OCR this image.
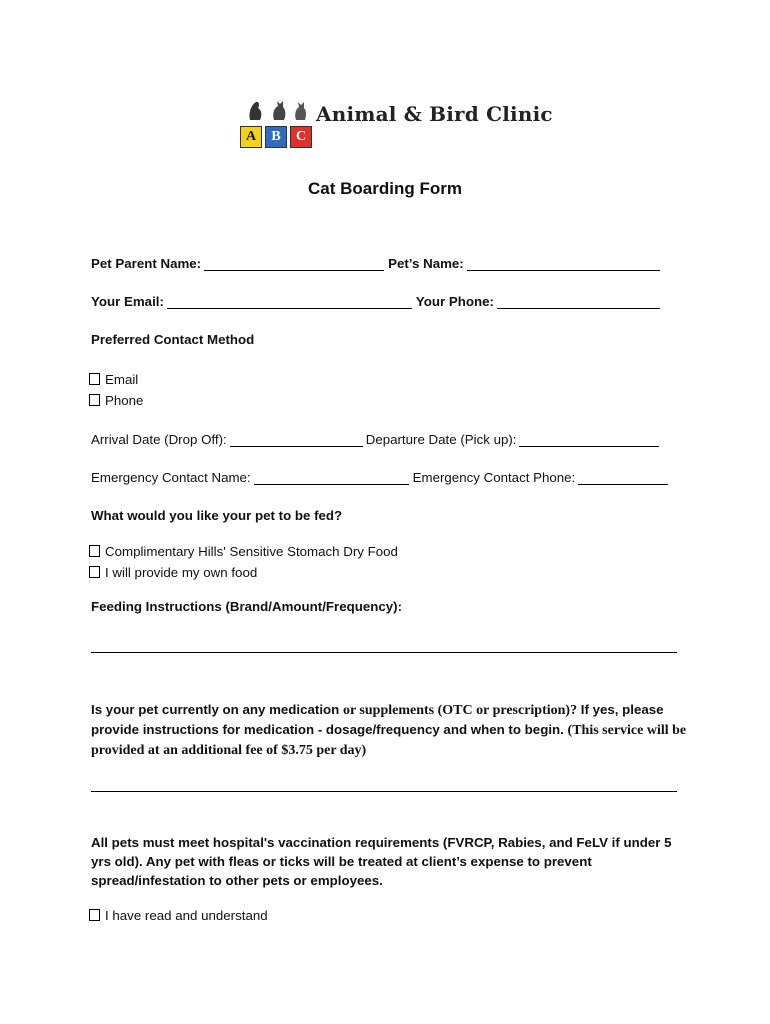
A B C
Animal & Bird Clinic
Cat Boarding Form
Pet Parent Name:	Pet’s Name:
Your Email:	Your Phone:
Preferred Contact Method
Email
Phone
Arrival Date (Drop Off):	Departure Date (Pick up):
Emergency Contact Name:	Emergency Contact Phone:
What would you like your pet to be fed?
Complimentary Hills' Sensitive Stomach Dry Food
I will provide my own food
Feeding Instructions (Brand/Amount/Frequency):
Is your pet currently on any medication or supplements (OTC or prescription)? If yes, please provide instructions for medication - dosage/frequency and when to begin. (This service will be provided at an additional fee of $3.75 per day)
All pets must meet hospital's vaccination requirements (FVRCP, Rabies, and FeLV if under 5 yrs old). Any pet with fleas or ticks will be treated at client’s expense to prevent spread/infestation to other pets or employees.
I have read and understand
